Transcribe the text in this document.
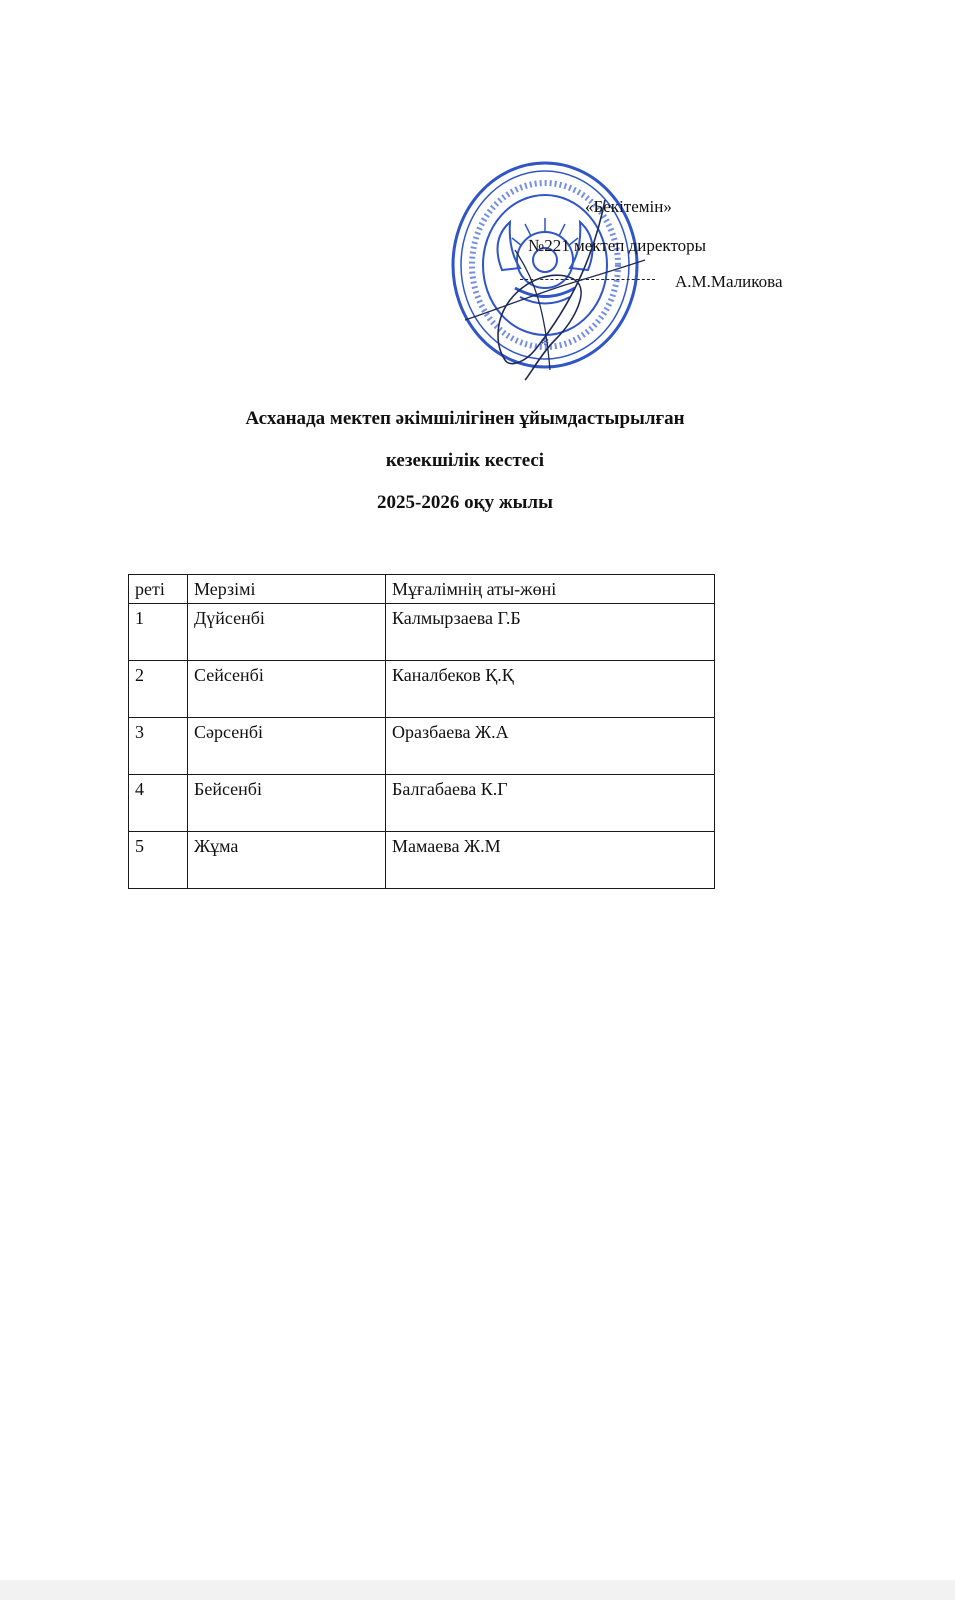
✻
«Бекітемін»
№221 мектеп директоры
А.М.Маликова
Асханада мектеп әкімшілігінен ұйымдастырылған
кезекшілік кестесі
2025-2026 оқу жылы
реті	Мерзімі	Мұғалімнің аты-жөні
1	Дүйсенбі	Калмырзаева Г.Б
2	Сейсенбі	Каналбеков Қ.Қ
3	Сәрсенбі	Оразбаева Ж.А
4	Бейсенбі	Балгабаева К.Г
5	Жұма	Мамаева Ж.М
